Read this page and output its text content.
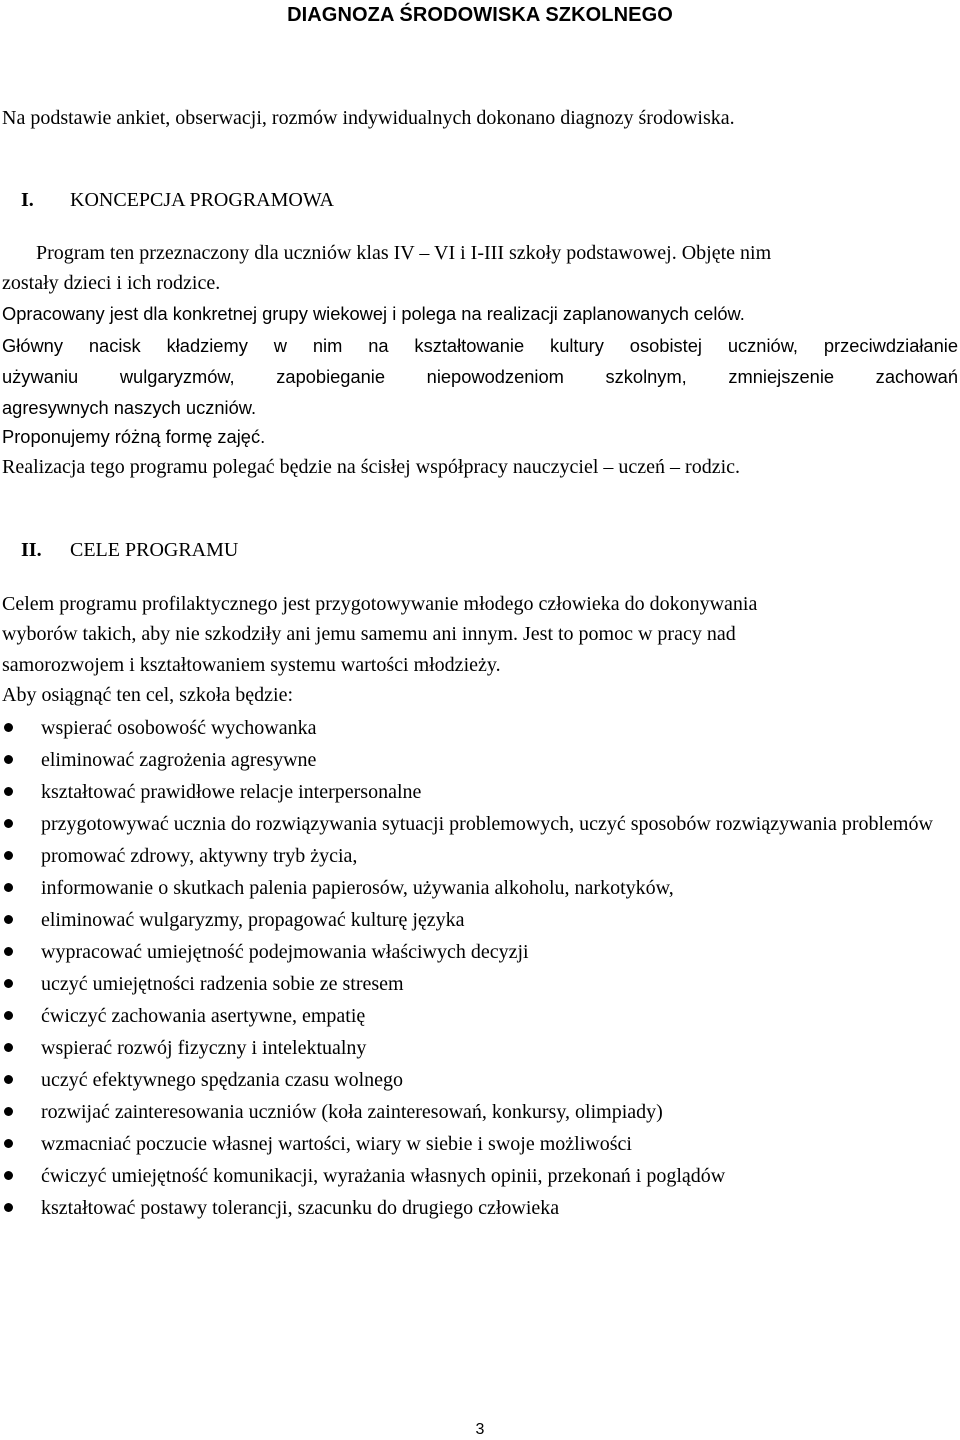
DIAGNOZA ŚRODOWISKA SZKOLNEGO
Na podstawie ankiet, obserwacji, rozmów indywidualnych dokonano diagnozy środowiska.
I. KONCEPCJA PROGRAMOWA
Program ten przeznaczony dla uczniów klas IV – VI i I-III szkoły podstawowej. Objęte nim
zostały dzieci i ich rodzice.
Opracowany jest dla konkretnej grupy wiekowej i polega na realizacji zaplanowanych celów.
Główny nacisk kładziemy w nim na kształtowanie kultury osobistej uczniów, przeciwdziałanie
używaniu wulgaryzmów, zapobieganie niepowodzeniom szkolnym, zmniejszenie zachowań
agresywnych naszych uczniów.
Proponujemy różną formę zajęć.
Realizacja tego programu polegać będzie na ścisłej współpracy nauczyciel – uczeń – rodzic.
II. CELE PROGRAMU
Celem programu profilaktycznego jest przygotowywanie młodego człowieka do dokonywania
wyborów takich, aby nie szkodziły ani jemu samemu ani innym. Jest to pomoc w pracy nad
samorozwojem i kształtowaniem systemu wartości młodzieży.
Aby osiągnąć ten cel, szkoła będzie:
wspierać osobowość wychowanka
eliminować zagrożenia agresywne
kształtować prawidłowe relacje interpersonalne
przygotowywać ucznia do rozwiązywania sytuacji problemowych, uczyć sposobów rozwiązywania problemów
promować zdrowy, aktywny tryb życia,
informowanie o skutkach palenia papierosów, używania alkoholu, narkotyków,
eliminować wulgaryzmy, propagować kulturę języka
wypracować umiejętność podejmowania właściwych decyzji
uczyć umiejętności radzenia sobie ze stresem
ćwiczyć zachowania asertywne, empatię
wspierać rozwój fizyczny i intelektualny
uczyć efektywnego spędzania czasu wolnego
rozwijać zainteresowania uczniów (koła zainteresowań, konkursy, olimpiady)
wzmacniać poczucie własnej wartości, wiary w siebie i swoje możliwości
ćwiczyć umiejętność komunikacji, wyrażania własnych opinii, przekonań i poglądów
kształtować postawy tolerancji, szacunku do drugiego człowieka
3
